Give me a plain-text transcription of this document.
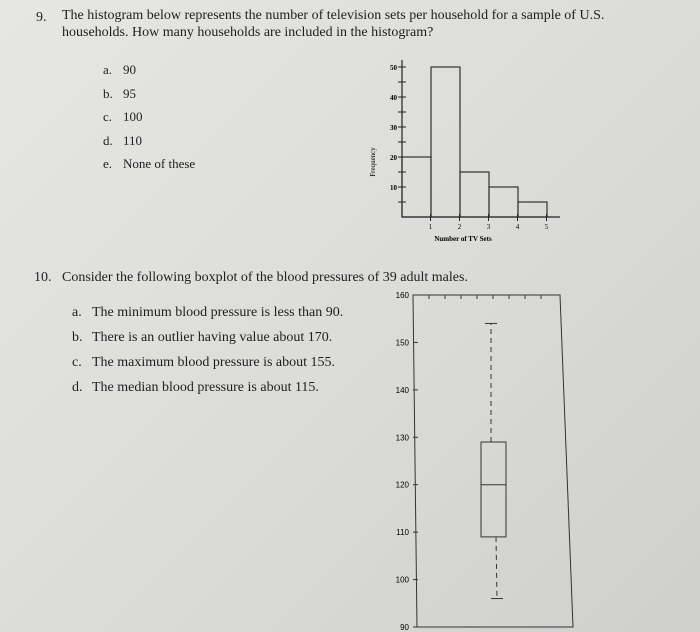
10
20
30
40
50
1	2	3	4	5
Number of TV Sets
Frequency
90
100
110
120
130
140
150
160
9. The histogram below represents the number of television sets per household for a sample of U.S.
households. How many households are included in the histogram?
a. 90
b. 95
c. 100
d. 110
e. None of these
10. Consider the following boxplot of the blood pressures of 39 adult males.
a. The minimum blood pressure is less than 90.
b. There is an outlier having value about 170.
c. The maximum blood pressure is about 155.
d. The median blood pressure is about 115.
